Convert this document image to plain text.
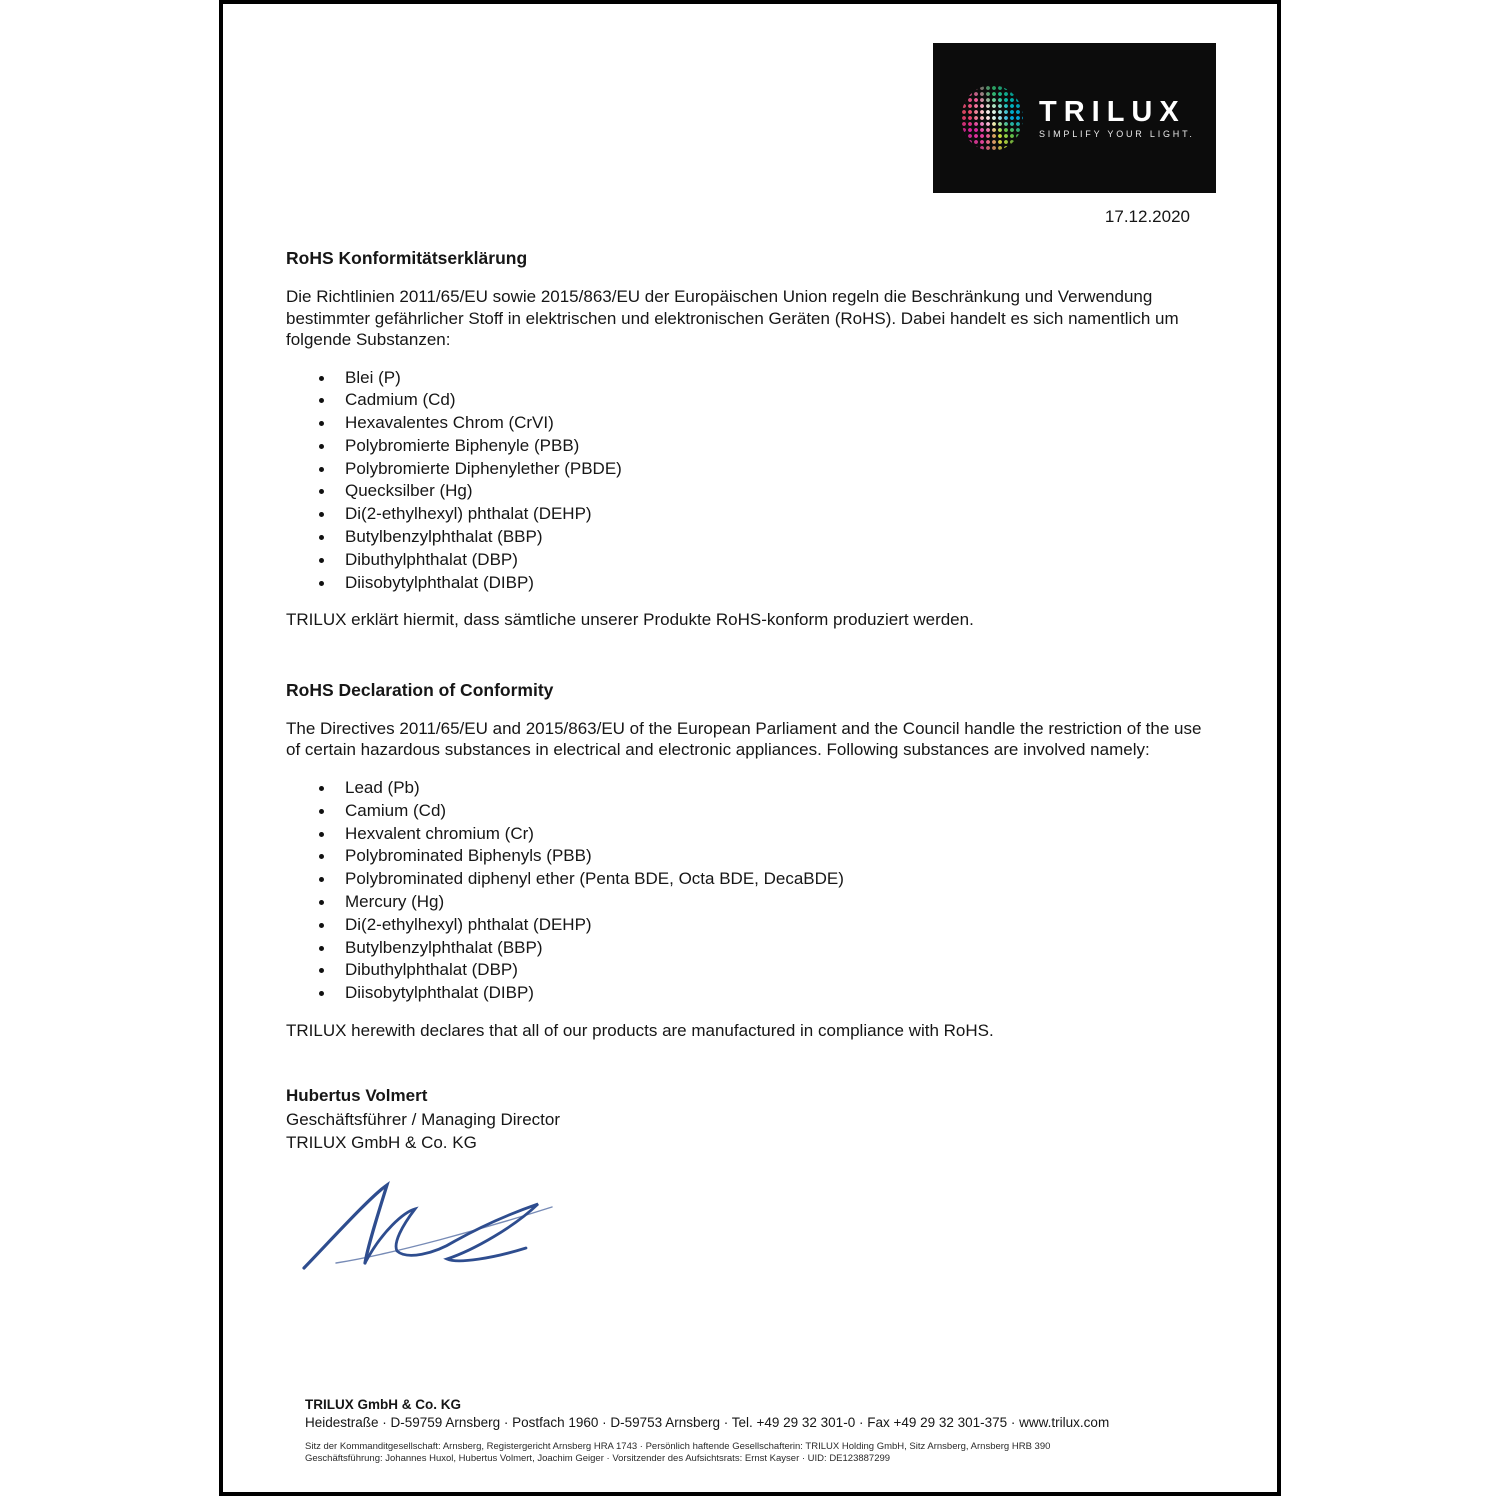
TRILUX
SIMPLIFY YOUR LIGHT.
17.12.2020
RoHS Konformitätserklärung

Die Richtlinien 2011/65/EU sowie 2015/863/EU der Europäischen Union regeln die Beschränkung und Verwendung bestimmter gefährlicher Stoff in elektrischen und elektronischen Geräten (RoHS). Dabei handelt es sich namentlich um folgende Substanzen:

Blei (P)
Cadmium (Cd)
Hexavalentes Chrom (CrVI)
Polybromierte Biphenyle (PBB)
Polybromierte Diphenylether (PBDE)
Quecksilber (Hg)
Di(2-ethylhexyl) phthalat (DEHP)
Butylbenzylphthalat (BBP)
Dibuthylphthalat (DBP)
Diisobytylphthalat (DIBP)

TRILUX erklärt hiermit, dass sämtliche unserer Produkte RoHS-konform produziert werden.

RoHS Declaration of Conformity

The Directives 2011/65/EU and 2015/863/EU of the European Parliament and the Council handle the restriction of the use of certain hazardous substances in electrical and electronic appliances. Following substances are involved namely:

Lead (Pb)
Camium (Cd)
Hexvalent chromium (Cr)
Polybrominated Biphenyls (PBB)
Polybrominated diphenyl ether (Penta BDE, Octa BDE, DecaBDE)
Mercury (Hg)
Di(2-ethylhexyl) phthalat (DEHP)
Butylbenzylphthalat (BBP)
Dibuthylphthalat (DBP)
Diisobytylphthalat (DIBP)

TRILUX herewith declares that all of our products are manufactured in compliance with RoHS.

Hubertus Volmert
Geschäftsführer / Managing Director
TRILUX GmbH & Co. KG
TRILUX GmbH & Co. KG
Heidestraße · D-59759 Arnsberg · Postfach 1960 · D-59753 Arnsberg · Tel. +49 29 32 301-0 · Fax +49 29 32 301-375 · www.trilux.com
Sitz der Kommanditgesellschaft: Arnsberg, Registergericht Arnsberg HRA 1743 · Persönlich haftende Gesellschafterin: TRILUX Holding GmbH, Sitz Arnsberg, Arnsberg HRB 390
Geschäftsführung: Johannes Huxol, Hubertus Volmert, Joachim Geiger · Vorsitzender des Aufsichtsrats: Ernst Kayser · UID: DE123887299
